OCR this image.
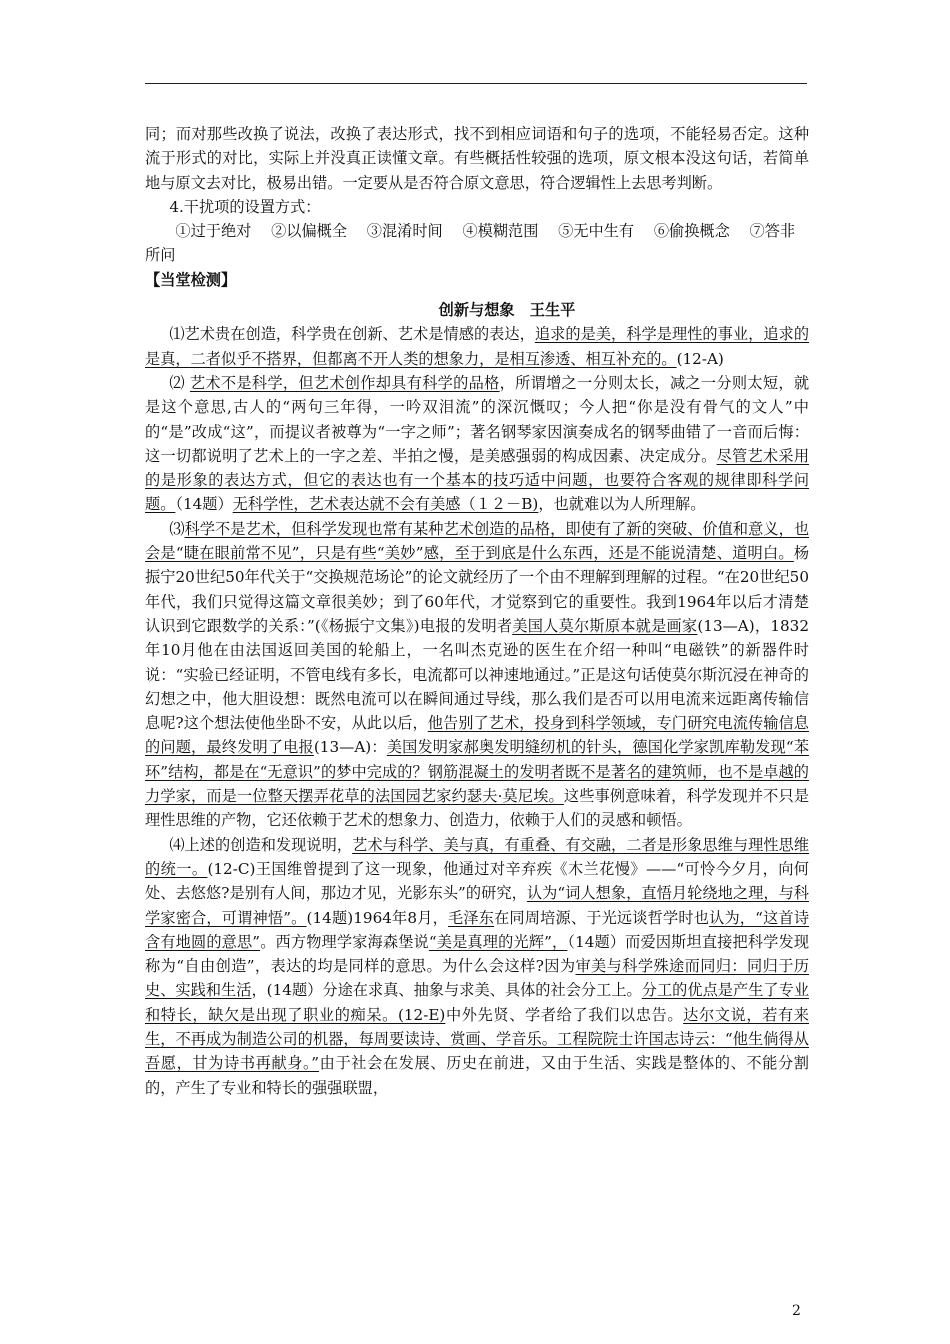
同；而对那些改换了说法，改换了表达形式，找不到相应词语和句子的选项，不能轻易否定。这种流于形式的对比，实际上并没真正读懂文章。有些概括性较强的选项，原文根本没这句话，若简单地与原文去对比，极易出错。一定要从是否符合原文意思，符合逻辑性上去思考判断。

4.干扰项的设置方式：

①过于绝对 ②以偏概全 ③混淆时间 ④模糊范围 ⑤无中生有 ⑥偷换概念 ⑦答非所问

【当堂检测】

创新与想象　王生平

⑴艺术贵在创造，科学贵在创新、艺术是情感的表达，追求的是美，科学是理性的事业，追求的是真，二者似乎不搭界，但都离不开人类的想象力，是相互渗透、相互补充的。(12-A)

⑵ 艺术不是科学，但艺术创作却具有科学的品格，所谓增之一分则太长，减之一分则太短，就是这个意思,古人的“两句三年得，一吟双泪流”的深沉慨叹；今人把“你是没有骨气的文人”中的“是”改成“这”，而提议者被尊为“一字之师”；著名钢琴家因演奏成名的钢琴曲错了一音而后悔：这一切都说明了艺术上的一字之差、半拍之慢，是美感强弱的构成因素、决定成分。尽管艺术采用的是形象的表达方式，但它的表达也有一个基本的技巧适中问题，也要符合客观的规律即科学问题。（14题）无科学性，艺术表达就不会有美感（１２－B)，也就难以为人所理解。

⑶科学不是艺术，但科学发现也常有某种艺术创造的品格，即使有了新的突破、价值和意义，也会是“睫在眼前常不见”，只是有些“美妙”感，至于到底是什么东西，还是不能说清楚、道明白。杨振宁20世纪50年代关于“交换规范场论”的论文就经历了一个由不理解到理解的过程。“在20世纪50年代，我们只觉得这篇文章很美妙；到了60年代，才觉察到它的重要性。我到1964年以后才清楚认识到它跟数学的关系：”(《杨振宁文集》)电报的发明者美国人莫尔斯原本就是画家(13—A)，1832年10月他在由法国返回美国的轮船上，一名叫杰克逊的医生在介绍一种叫“电磁铁”的新器件时说：“实验已经证明，不管电线有多长，电流都可以神速地通过。”正是这句话使莫尔斯沉浸在神奇的幻想之中，他大胆设想：既然电流可以在瞬间通过导线，那么我们是否可以用电流来远距离传输信息呢?这个想法使他坐卧不安，从此以后，他告别了艺术，投身到科学领域，专门研究电流传输信息的问题，最终发明了电报(13—A)：美国发明家郝奥发明缝纫机的针头，德国化学家凯库勒发现“苯环”结构，都是在“无意识”的梦中完成的？钢筋混凝土的发明者既不是著名的建筑师，也不是卓越的力学家，而是一位整天摆弄花草的法国园艺家约瑟夫·莫尼埃。这些事例意味着，科学发现并不只是理性思维的产物，它还依赖于艺术的想象力、创造力，依赖于人们的灵感和顿悟。

⑷上述的创造和发现说明，艺术与科学、美与真，有重叠、有交融，二者是形象思维与理性思维的统一。(12-C)王国维曾提到了这一现象，他通过对辛弃疾《木兰花慢》——“可怜今夕月，向何处、去悠悠?是别有人间，那边才见，光影东头”的研究，认为“词人想象，直悟月轮绕地之理，与科学家密合，可谓神悟”。(14题)1964年8月，毛泽东在同周培源、于光远谈哲学时也认为，“这首诗含有地圆的意思”。西方物理学家海森堡说“美是真理的光辉”，（14题）而爱因斯坦直接把科学发现称为“自由创造”，表达的均是同样的意思。为什么会这样?因为审美与科学殊途而同归：同归于历史、实践和生活，(14题）分途在求真、抽象与求美、具体的社会分工上。分工的优点是产生了专业和特长，缺欠是出现了职业的痴呆。(12-E)中外先贤、学者给了我们以忠告。达尔文说，若有来生，不再成为制造公司的机器，每周要读诗、赏画、学音乐。工程院院士许国志诗云：“他生倘得从吾愿，甘为诗书再献身。”由于社会在发展、历史在前进，又由于生活、实践是整体的、不能分割的，产生了专业和特长的强强联盟，

2
